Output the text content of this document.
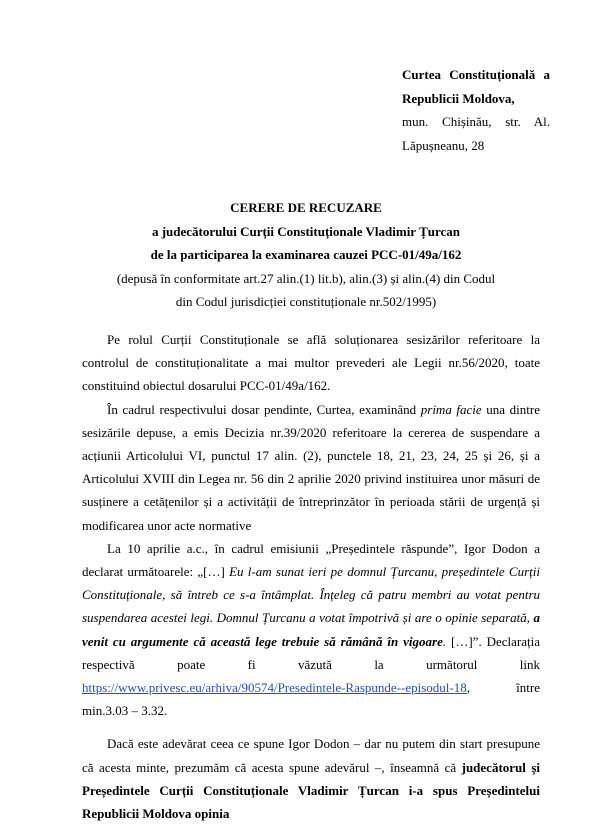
Curtea Constituțională a
Republicii Moldova,
mun. Chișinău, str. Al.
Lăpușneanu, 28
CERERE DE RECUZARE
a judecătorului Curții Constituționale Vladimir Țurcan
de la participarea la examinarea cauzei PCC-01/49a/162
(depusă în conformitate art.27 alin.(1) lit.b), alin.(3) și alin.(4) din Codul
din Codul jurisdicției constituționale nr.502/1995)

Pe rolul Curții Constituționale se află soluționarea sesizărilor referitoare la controlul de constituționalitate a mai multor prevederi ale Legii nr.56/2020, toate constituind obiectul dosarului PCC-01/49a/162.

În cadrul respectivului dosar pendinte, Curtea, examinând prima facie una dintre sesizările depuse, a emis Decizia nr.39/2020 referitoare la cererea de suspendare a acțiunii Articolului VI, punctul 17 alin. (2), punctele 18, 21, 23, 24, 25 și 26, și a Articolului XVIII din Legea nr. 56 din 2 aprilie 2020 privind instituirea unor măsuri de susținere a cetățenilor și a activității de întreprinzător în perioada stării de urgență și modificarea unor acte normative

La 10 aprilie a.c., în cadrul emisiunii „Președintele răspunde”, Igor Dodon a declarat următoarele: „[…] Eu l-am sunat ieri pe domnul Țurcanu, președintele Curții Constituționale, să întreb ce s-a întâmplat. Înțeleg că patru membri au votat pentru suspendarea acestei legi. Domnul Țurcanu a votat împotrivă și are o opinie separată, a venit cu argumente că această lege trebuie să rămână în vigoare. […]”. Declarația respectivă poate fi văzută la următorul link https://www.privesc.eu/arhiva/90574/Presedintele-Raspunde--episodul-18, între min.3.03 – 3.32.

Dacă este adevărat ceea ce spune Igor Dodon – dar nu putem din start presupune că acesta minte, prezumăm că acesta spune adevărul –, înseamnă că judecătorul și Președintele Curții Constituționale Vladimir Țurcan i-a spus Președintelui Republicii Moldova opinia
